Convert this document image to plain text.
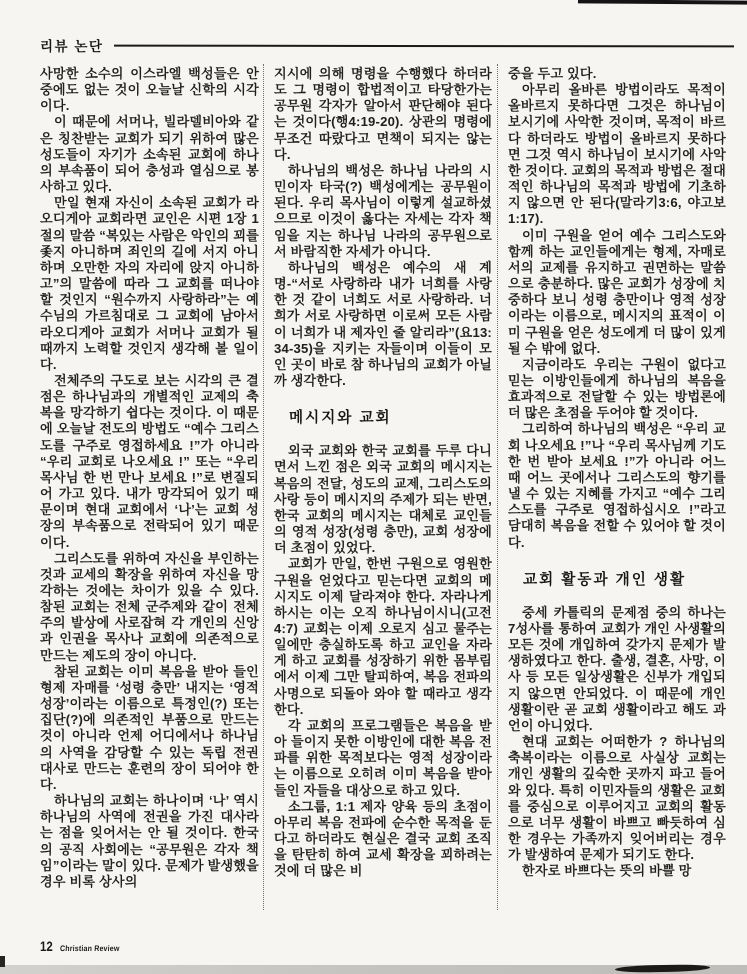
리뷰 논단

사망한 소수의 이스라엘 백성들은 안중에도 없는 것이 오늘날 신학의 시각이다.

이 때문에 서머나, 빌라델비아와 같은 칭찬받는 교회가 되기 위하여 많은 성도들이 자기가 소속된 교회에 하나의 부속품이 되어 충성과 열심으로 봉사하고 있다.

만일 현재 자신이 소속된 교회가 라오디게아 교회라면 교인은 시편 1장 1절의 말씀 “복있는 사람은 악인의 꾀를 좇지 아니하며 죄인의 길에 서지 아니하며 오만한 자의 자리에 앉지 아니하고”의 말씀에 따라 그 교회를 떠나야 할 것인지 “원수까지 사랑하라”는 예수님의 가르침대로 그 교회에 남아서 라오디게아 교회가 서머나 교회가 될 때까지 노력할 것인지 생각해 볼 일이다.

전체주의 구도로 보는 시각의 큰 결점은 하나님과의 개별적인 교제의 축복을 망각하기 쉽다는 것이다. 이 때문에 오늘날 전도의 방법도 “예수 그리스도를 구주로 영접하세요 !”가 아니라 “우리 교회로 나오세요 !” 또는 “우리 목사님 한 번 만나 보세요 !”로 변질되어 가고 있다. 내가 망각되어 있기 때문이며 현대 교회에서 ‘나’는 교회 성장의 부속품으로 전락되어 있기 때문이다.

그리스도를 위하여 자신을 부인하는 것과 교세의 확장을 위하여 자신을 망각하는 것에는 차이가 있을 수 있다. 참된 교회는 전체 군주제와 같이 전체주의 발상에 사로잡혀 각 개인의 신앙과 인권을 목사나 교회에 의존적으로 만드는 제도의 장이 아니다.

참된 교회는 이미 복음을 받아 들인 형제 자매를 ‘성령 충만’ 내지는 ‘영적 성장’이라는 이름으로 특정인(?) 또는 집단(?)에 의존적인 부품으로 만드는 것이 아니라 언제 어디에서나 하나님의 사역을 감당할 수 있는 독립 전권 대사로 만드는 훈련의 장이 되어야 한다.

하나님의 교회는 하나이며 ‘나’ 역시 하나님의 사역에 전권을 가진 대사라는 점을 잊어서는 안 될 것이다. 한국의 공직 사회에는 “공무원은 각자 책임”이라는 말이 있다. 문제가 발생했을 경우 비록 상사의

지시에 의해 명령을 수행했다 하더라도 그 명령이 합법적이고 타당한가는 공무원 각자가 알아서 판단해야 된다는 것이다(행4:19-20). 상관의 명령에 무조건 따랐다고 면책이 되지는 않는다.

하나님의 백성은 하나님 나라의 시민이자 타국(?) 백성에게는 공무원이 된다. 우리 목사님이 이렇게 설교하셨으므로 이것이 옳다는 자세는 각자 책임을 지는 하나님 나라의 공무원으로서 바람직한 자세가 아니다.

하나님의 백성은 예수의 새 계명-“서로 사랑하라 내가 너희를 사랑한 것 같이 너희도 서로 사랑하라. 너희가 서로 사랑하면 이로써 모든 사람이 너희가 내 제자인 줄 알리라”(요13:34-35)을 지키는 자들이며 이들이 모인 곳이 바로 참 하나님의 교회가 아닐까 생각한다.

메시지와 교회

외국 교회와 한국 교회를 두루 다니면서 느낀 점은 외국 교회의 메시지는 복음의 전달, 성도의 교제, 그리스도의 사랑 등이 메시지의 주제가 되는 반면, 한국 교회의 메시지는 대체로 교인들의 영적 성장(성령 충만), 교회 성장에 더 초점이 있었다.

교회가 만일, 한번 구원으로 영원한 구원을 얻었다고 믿는다면 교회의 메시지도 이제 달라져야 한다. 자라나게 하시는 이는 오직 하나님이시니(고전4:7) 교회는 이제 오로지 심고 물주는 일에만 충실하도록 하고 교인을 자라게 하고 교회를 성장하기 위한 몸부림에서 이제 그만 탈피하여, 복음 전파의 사명으로 되돌아 와야 할 때라고 생각한다.

각 교회의 프로그램들은 복음을 받아 들이지 못한 이방인에 대한 복음 전파를 위한 목적보다는 영적 성장이라는 이름으로 오히려 이미 복음을 받아 들인 자들을 대상으로 하고 있다.

소그룹, 1:1 제자 양육 등의 초점이 아무리 복음 전파에 순수한 목적을 둔다고 하더라도 현실은 결국 교회 조직을 탄탄히 하여 교세 확장을 꾀하려는 것에 더 많은 비

중을 두고 있다.

아무리 올바른 방법이라도 목적이 올바르지 못하다면 그것은 하나님이 보시기에 사악한 것이며, 목적이 바르다 하더라도 방법이 올바르지 못하다면 그것 역시 하나님이 보시기에 사악한 것이다. 교회의 목적과 방법은 절대적인 하나님의 목적과 방법에 기초하지 않으면 안 된다(말라기3:6, 야고보1:17).

이미 구원을 얻어 예수 그리스도와 함께 하는 교인들에게는 형제, 자매로서의 교제를 유지하고 권면하는 말씀으로 충분하다. 많은 교회가 성장에 치중하다 보니 성령 충만이나 영적 성장이라는 이름으로, 메시지의 표적이 이미 구원을 얻은 성도에게 더 많이 있게 될 수 밖에 없다.

지금이라도 우리는 구원이 없다고 믿는 이방인들에게 하나님의 복음을 효과적으로 전달할 수 있는 방법론에 더 많은 초점을 두어야 할 것이다.

그리하여 하나님의 백성은 “우리 교회 나오세요 !”나 “우리 목사님께 기도 한 번 받아 보세요 !”가 아니라 어느 때 어느 곳에서나 그리스도의 향기를 낼 수 있는 지혜를 가지고 “예수 그리스도를 구주로 영접하십시오 !”라고 담대히 복음을 전할 수 있어야 할 것이다.

교회 활동과 개인 생활

중세 카톨릭의 문제점 중의 하나는 7성사를 통하여 교회가 개인 사생활의 모든 것에 개입하여 갖가지 문제가 발생하였다고 한다. 출생, 결혼, 사망, 이사 등 모든 일상생활은 신부가 개입되지 않으면 안되었다. 이 때문에 개인 생활이란 곧 교회 생활이라고 해도 과언이 아니었다.

현대 교회는 어떠한가 ? 하나님의 축복이라는 이름으로 사실상 교회는 개인 생활의 깊숙한 곳까지 파고 들어 와 있다. 특히 이민자들의 생활은 교회를 중심으로 이루어지고 교회의 활동으로 너무 생활이 바쁘고 빠듯하여 심한 경우는 가족까지 잊어버리는 경우가 발생하여 문제가 되기도 한다.

한자로 바쁘다는 뜻의 바쁠 망

12 Christian Review
